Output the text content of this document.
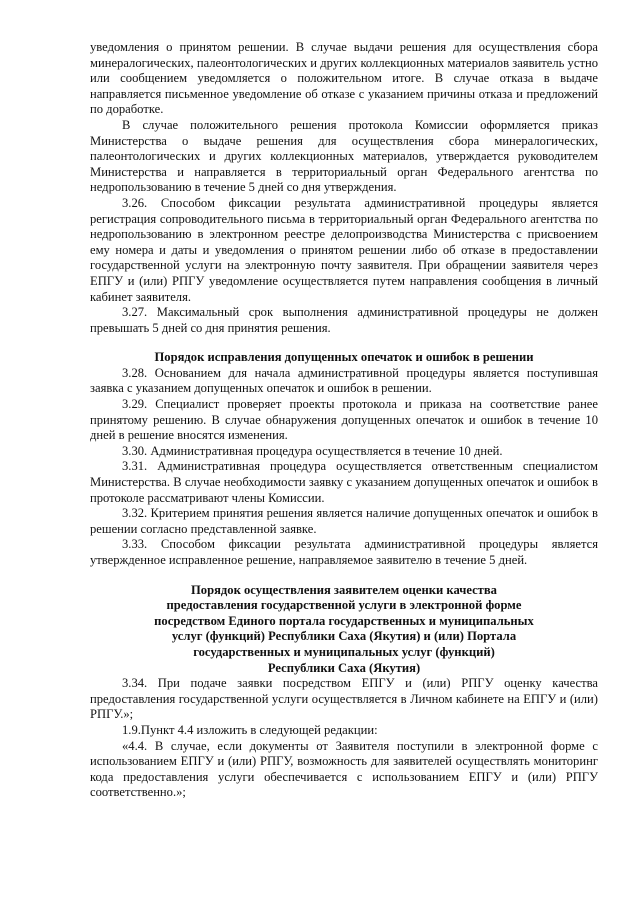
уведомления о принятом решении. В случае выдачи решения для осуществления сбора минералогических, палеонтологических и других коллекционных материалов заявитель устно или сообщением уведомляется о положительном итоге. В случае отказа в выдаче направляется письменное уведомление об отказе с указанием причины отказа и предложений по доработке.

В случае положительного решения протокола Комиссии оформляется приказ Министерства о выдаче решения для осуществления сбора минералогических, палеонтологических и других коллекционных материалов, утверждается руководителем Министерства и направляется в территориальный орган Федерального агентства по недропользованию в течение 5 дней со дня утверждения.

3.26. Способом фиксации результата административной процедуры является регистрация сопроводительного письма в территориальный орган Федерального агентства по недропользованию в электронном реестре делопроизводства Министерства с присвоением ему номера и даты и уведомления о принятом решении либо об отказе в предоставлении государственной услуги на электронную почту заявителя. При обращении заявителя через ЕПГУ и (или) РПГУ уведомление осуществляется путем направления сообщения в личный кабинет заявителя.

3.27. Максимальный срок выполнения административной процедуры не должен превышать 5 дней со дня принятия решения.

Порядок исправления допущенных опечаток и ошибок в решении

3.28. Основанием для начала административной процедуры является поступившая заявка с указанием допущенных опечаток и ошибок в решении.

3.29. Специалист проверяет проекты протокола и приказа на соответствие ранее принятому решению. В случае обнаружения допущенных опечаток и ошибок в течение 10 дней в решение вносятся изменения.

3.30. Административная процедура осуществляется в течение 10 дней.

3.31. Административная процедура осуществляется ответственным специалистом Министерства. В случае необходимости заявку с указанием допущенных опечаток и ошибок в протоколе рассматривают члены Комиссии.

3.32. Критерием принятия решения является наличие допущенных опечаток и ошибок в решении согласно представленной заявке.

3.33. Способом фиксации результата административной процедуры является утвержденное исправленное решение, направляемое заявителю в течение 5 дней.

Порядок осуществления заявителем оценки качества

предоставления государственной услуги в электронной форме

посредством Единого портала государственных и муниципальных

услуг (функций) Республики Саха (Якутия) и (или) Портала

государственных и муниципальных услуг (функций)

Республики Саха (Якутия)

3.34. При подаче заявки посредством ЕПГУ и (или) РПГУ оценку качества предоставления государственной услуги осуществляется в Личном кабинете на ЕПГУ и (или) РПГУ.»;

1.9.Пункт 4.4 изложить в следующей редакции:

«4.4. В случае, если документы от Заявителя поступили в электронной форме с использованием ЕПГУ и (или) РПГУ, возможность для заявителей осуществлять мониторинг кода предоставления услуги обеспечивается с использованием ЕПГУ и (или) РПГУ соответственно.»;
